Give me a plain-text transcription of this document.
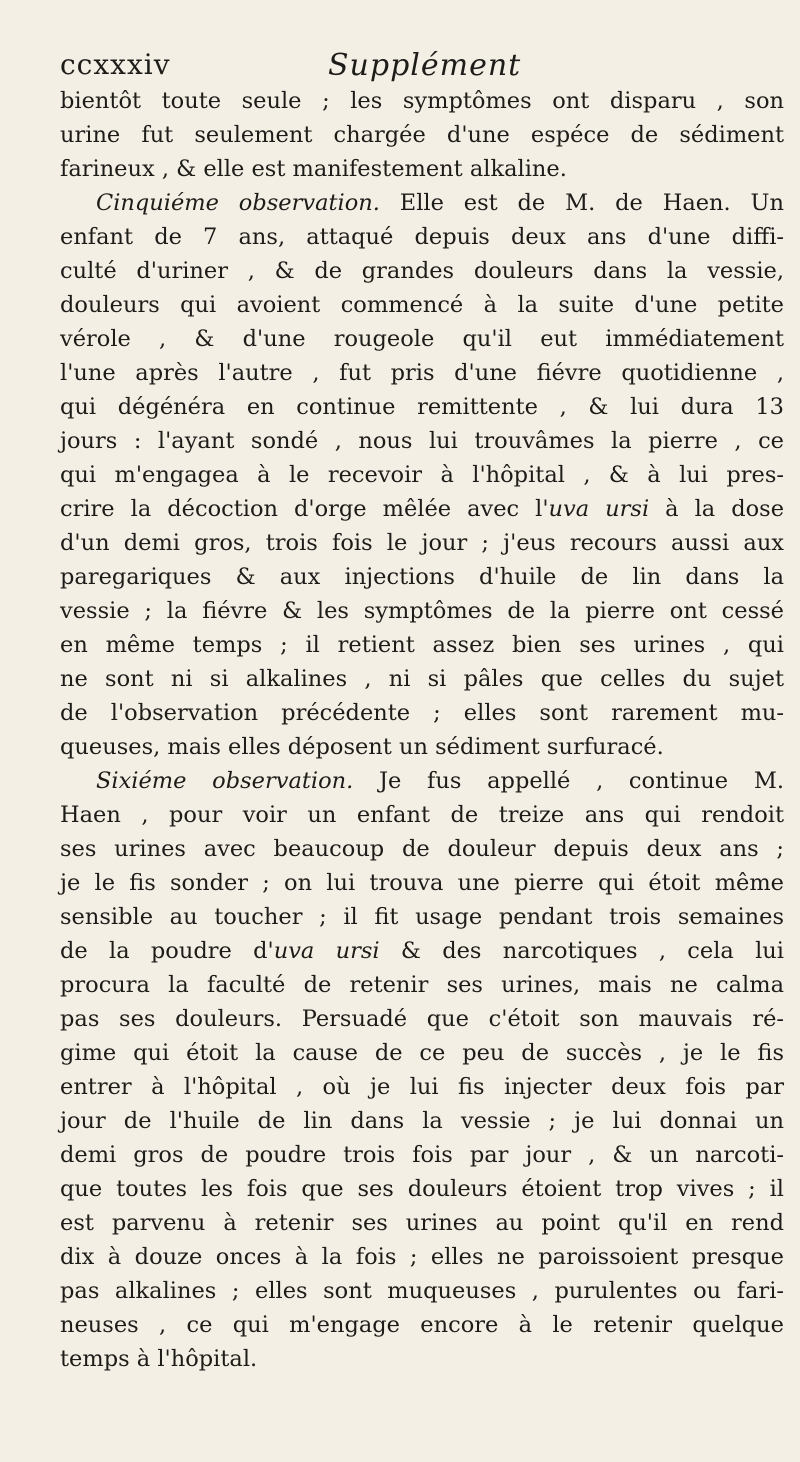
ccxxxiv	Supplément
bientôt toute seule ; les symptômes ont disparu , son
urine fut seulement chargée d'une espéce de sédiment
farineux , & elle est manifestement alkaline.
Cinquiéme observation. Elle est de M. de Haen. Un
enfant de 7 ans, attaqué depuis deux ans d'une diffi-
culté d'uriner , & de grandes douleurs dans la vessie,
douleurs qui avoient commencé à la suite d'une petite
vérole , & d'une rougeole qu'il eut immédiatement
l'une après l'autre , fut pris d'une fiévre quotidienne ,
qui dégénéra en continue remittente , & lui dura 13
jours : l'ayant sondé , nous lui trouvâmes la pierre , ce
qui m'engagea à le recevoir à l'hôpital , & à lui pres-
crire la décoction d'orge mêlée avec l'uva ursi à la dose
d'un demi gros, trois fois le jour ; j'eus recours aussi aux
paregariques & aux injections d'huile de lin dans la
vessie ; la fiévre & les symptômes de la pierre ont cessé
en même temps ; il retient assez bien ses urines , qui
ne sont ni si alkalines , ni si pâles que celles du sujet
de l'observation précédente ; elles sont rarement mu-
queuses, mais elles déposent un sédiment surfuracé.
Sixiéme observation. Je fus appellé , continue M.
Haen , pour voir un enfant de treize ans qui rendoit
ses urines avec beaucoup de douleur depuis deux ans ;
je le fis sonder ; on lui trouva une pierre qui étoit même
sensible au toucher ; il fit usage pendant trois semaines
de la poudre d'uva ursi & des narcotiques , cela lui
procura la faculté de retenir ses urines, mais ne calma
pas ses douleurs. Persuadé que c'étoit son mauvais ré-
gime qui étoit la cause de ce peu de succès , je le fis
entrer à l'hôpital , où je lui fis injecter deux fois par
jour de l'huile de lin dans la vessie ; je lui donnai un
demi gros de poudre trois fois par jour , & un narcoti-
que toutes les fois que ses douleurs étoient trop vives ; il
est parvenu à retenir ses urines au point qu'il en rend
dix à douze onces à la fois ; elles ne paroissoient presque
pas alkalines ; elles sont muqueuses , purulentes ou fari-
neuses , ce qui m'engage encore à le retenir quelque
temps à l'hôpital.
